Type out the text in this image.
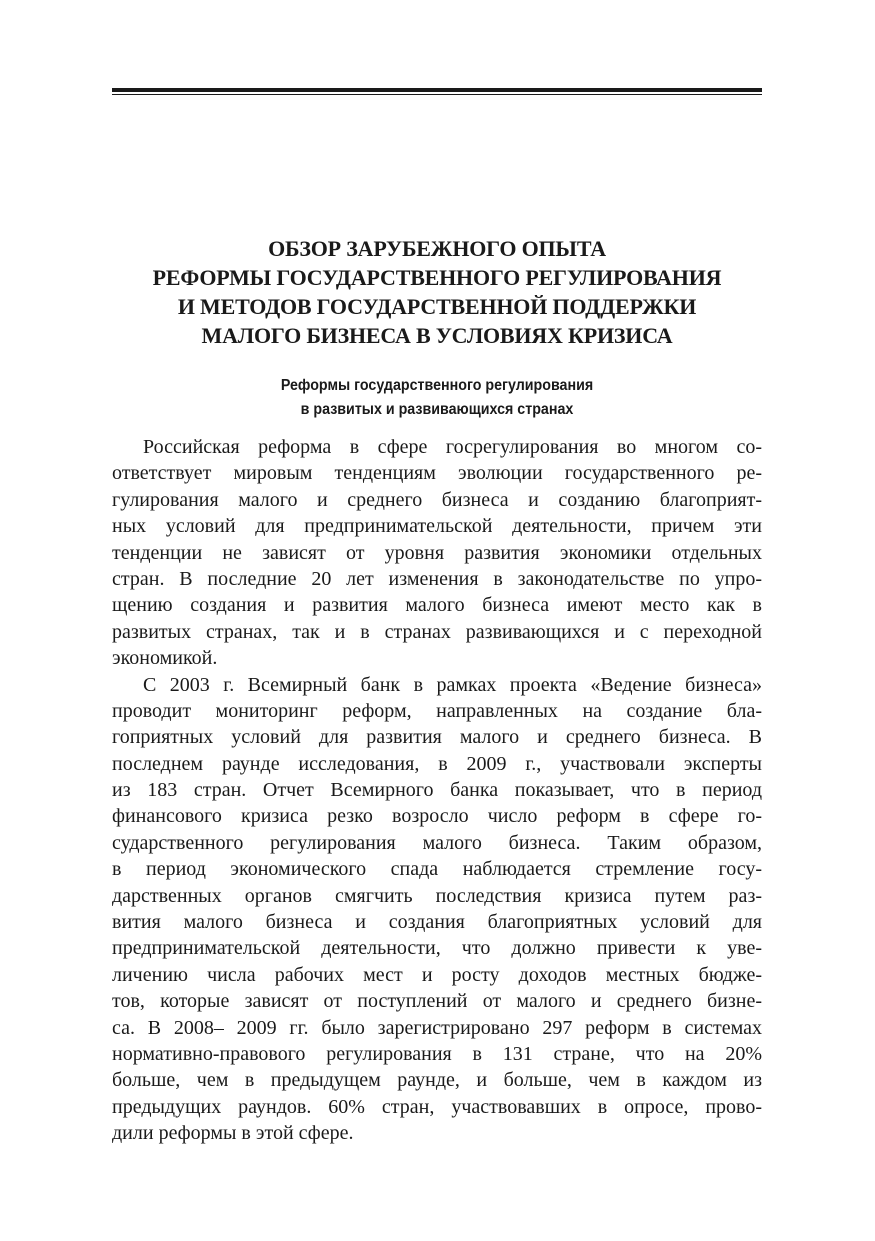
ОБЗОР ЗАРУБЕЖНОГО ОПЫТА
РЕФОРМЫ ГОСУДАРСТВЕННОГО РЕГУЛИРОВАНИЯ
И МЕТОДОВ ГОСУДАРСТВЕННОЙ ПОДДЕРЖКИ
МАЛОГО БИЗНЕСА В УСЛОВИЯХ КРИЗИСА
Реформы государственного регулирования
в развитых и развивающихся странах
Российская реформа в сфере госрегулирования во многом со-
ответствует мировым тенденциям эволюции государственного ре-
гулирования малого и среднего бизнеса и созданию благоприят-
ных условий для предпринимательской деятельности, причем эти
тенденции не зависят от уровня развития экономики отдельных
стран. В последние 20 лет изменения в законодательстве по упро-
щению создания и развития малого бизнеса имеют место как в
развитых странах, так и в странах развивающихся и с переходной
экономикой.
С 2003 г. Всемирный банк в рамках проекта «Ведение бизнеса»
проводит мониторинг реформ, направленных на создание бла-
гоприятных условий для развития малого и среднего бизнеса. В
последнем раунде исследования, в 2009 г., участвовали эксперты
из 183 стран. Отчет Всемирного банка показывает, что в период
финансового кризиса резко возросло число реформ в сфере го-
сударственного регулирования малого бизнеса. Таким образом,
в период экономического спада наблюдается стремление госу-
дарственных органов смягчить последствия кризиса путем раз-
вития малого бизнеса и создания благоприятных условий для
предпринимательской деятельности, что должно привести к уве-
личению числа рабочих мест и росту доходов местных бюдже-
тов, которые зависят от поступлений от малого и среднего бизне-
са. В 2008– 2009 гг. было зарегистрировано 297 реформ в системах
нормативно-правового регулирования в 131 стране, что на 20%
больше, чем в предыдущем раунде, и больше, чем в каждом из
предыдущих раундов. 60% стран, участвовавших в опросе, прово-
дили реформы в этой сфере.
